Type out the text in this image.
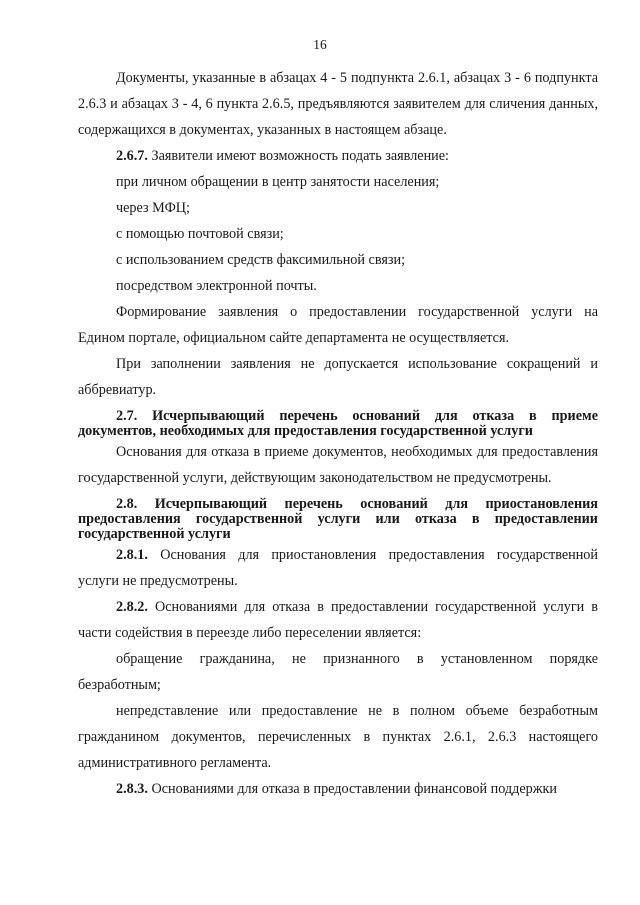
16

Документы, указанные в абзацах 4 - 5 подпункта 2.6.1, абзацах 3 - 6 подпункта 2.6.3 и абзацах 3 - 4, 6 пункта 2.6.5, предъявляются заявителем для сличения данных, содержащихся в документах, указанных в настоящем абзаце.

2.6.7. Заявители имеют возможность подать заявление:

при личном обращении в центр занятости населения;

через МФЦ;

с помощью почтовой связи;

с использованием средств факсимильной связи;

посредством электронной почты.

Формирование заявления о предоставлении государственной услуги на Едином портале, официальном сайте департамента не осуществляется.

При заполнении заявления не допускается использование сокращений и аббревиатур.

2.7. Исчерпывающий перечень оснований для отказа в приеме документов, необходимых для предоставления государственной услуги

Основания для отказа в приеме документов, необходимых для предоставления государственной услуги, действующим законодательством не предусмотрены.

2.8. Исчерпывающий перечень оснований для приостановления предоставления государственной услуги или отказа в предоставлении государственной услуги

2.8.1. Основания для приостановления предоставления государственной услуги не предусмотрены.

2.8.2. Основаниями для отказа в предоставлении государственной услуги в части содействия в переезде либо переселении является:

обращение гражданина, не признанного в установленном порядке безработным;

непредставление или предоставление не в полном объеме безработным гражданином документов, перечисленных в пунктах 2.6.1, 2.6.3 настоящего административного регламента.

2.8.3. Основаниями для отказа в предоставлении финансовой поддержки
